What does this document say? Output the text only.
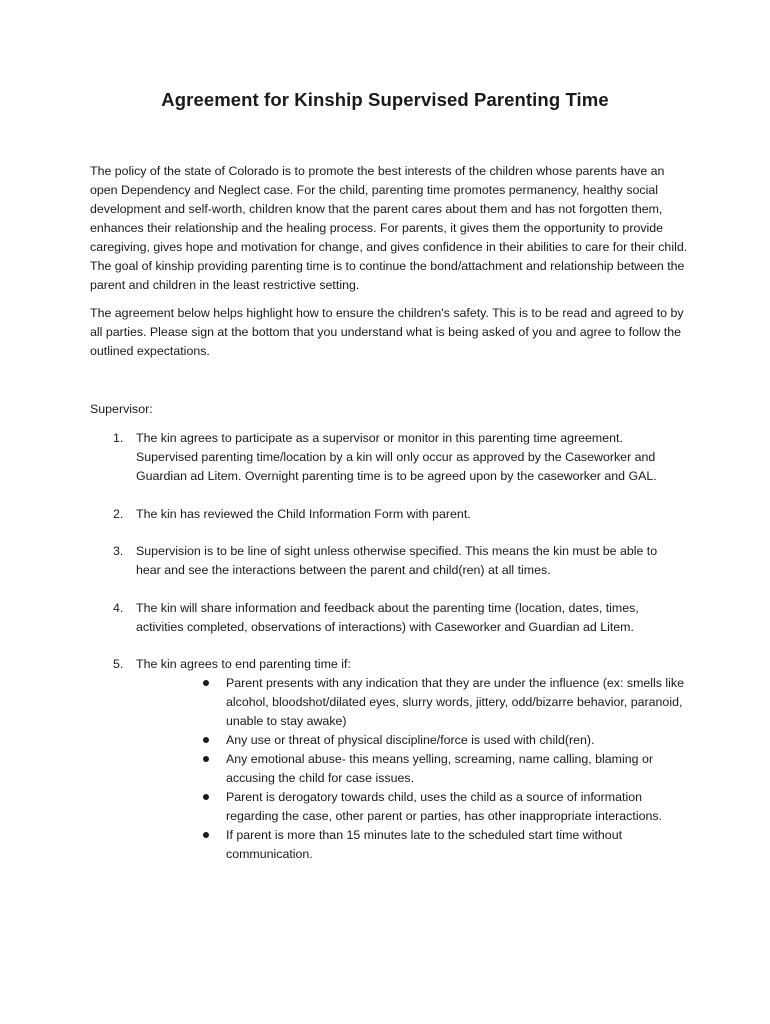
Agreement for Kinship Supervised Parenting Time
The policy of the state of Colorado is to promote the best interests of the children whose parents have an open Dependency and Neglect case. For the child, parenting time promotes permanency, healthy social development and self-worth, children know that the parent cares about them and has not forgotten them, enhances their relationship and the healing process. For parents, it gives them the opportunity to provide caregiving, gives hope and motivation for change, and gives confidence in their abilities to care for their child. The goal of kinship providing parenting time is to continue the bond/attachment and relationship between the parent and children in the least restrictive setting.
The agreement below helps highlight how to ensure the children's safety. This is to be read and agreed to by all parties. Please sign at the bottom that you understand what is being asked of you and agree to follow the outlined expectations.
Supervisor:
1. The kin agrees to participate as a supervisor or monitor in this parenting time agreement. Supervised parenting time/location by a kin will only occur as approved by the Caseworker and Guardian ad Litem. Overnight parenting time is to be agreed upon by the caseworker and GAL.
2. The kin has reviewed the Child Information Form with parent.
3. Supervision is to be line of sight unless otherwise specified. This means the kin must be able to hear and see the interactions between the parent and child(ren) at all times.
4. The kin will share information and feedback about the parenting time (location, dates, times, activities completed, observations of interactions) with Caseworker and Guardian ad Litem.
5. The kin agrees to end parenting time if:
Parent presents with any indication that they are under the influence (ex: smells like alcohol, bloodshot/dilated eyes, slurry words, jittery, odd/bizarre behavior, paranoid, unable to stay awake)
Any use or threat of physical discipline/force is used with child(ren).
Any emotional abuse- this means yelling, screaming, name calling, blaming or accusing the child for case issues.
Parent is derogatory towards child, uses the child as a source of information regarding the case, other parent or parties, has other inappropriate interactions.
If parent is more than 15 minutes late to the scheduled start time without communication.
